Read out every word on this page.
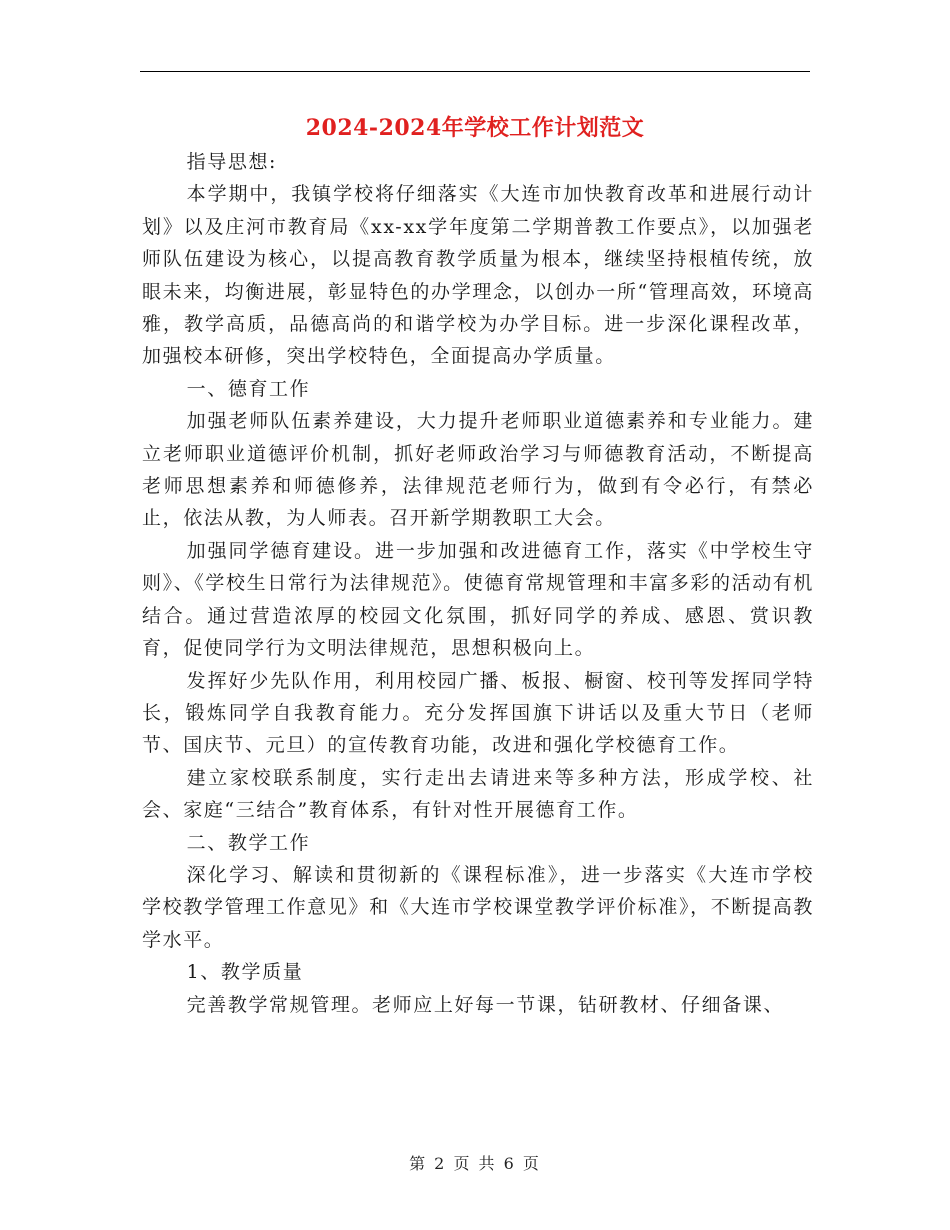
2024-2024年学校工作计划范文

指导思想:

本学期中，我镇学校将仔细落实《大连市加快教育改革和进展行动计划》以及庄河市教育局《xx-xx学年度第二学期普教工作要点》，以加强老师队伍建设为核心，以提高教育教学质量为根本，继续坚持根植传统，放眼未来，均衡进展，彰显特色的办学理念，以创办一所“管理高效，环境高雅，教学高质，品德高尚的和谐学校为办学目标。进一步深化课程改革，加强校本研修，突出学校特色，全面提高办学质量。

一、德育工作

加强老师队伍素养建设，大力提升老师职业道德素养和专业能力。建立老师职业道德评价机制，抓好老师政治学习与师德教育活动，不断提高老师思想素养和师德修养，法律规范老师行为，做到有令必行，有禁必止，依法从教，为人师表。召开新学期教职工大会。

加强同学德育建设。进一步加强和改进德育工作，落实《中学校生守则》、《学校生日常行为法律规范》。使德育常规管理和丰富多彩的活动有机结合。通过营造浓厚的校园文化氛围，抓好同学的养成、感恩、赏识教育，促使同学行为文明法律规范，思想积极向上。

发挥好少先队作用，利用校园广播、板报、橱窗、校刊等发挥同学特长，锻炼同学自我教育能力。充分发挥国旗下讲话以及重大节日（老师节、国庆节、元旦）的宣传教育功能，改进和强化学校德育工作。

建立家校联系制度，实行走出去请进来等多种方法，形成学校、社会、家庭“三结合”教育体系，有针对性开展德育工作。

二、教学工作

深化学习、解读和贯彻新的《课程标准》，进一步落实《大连市学校学校教学管理工作意见》和《大连市学校课堂教学评价标准》，不断提高教学水平。

1、教学质量

完善教学常规管理。老师应上好每一节课，钻研教材、仔细备课、

第 2 页 共 6 页
